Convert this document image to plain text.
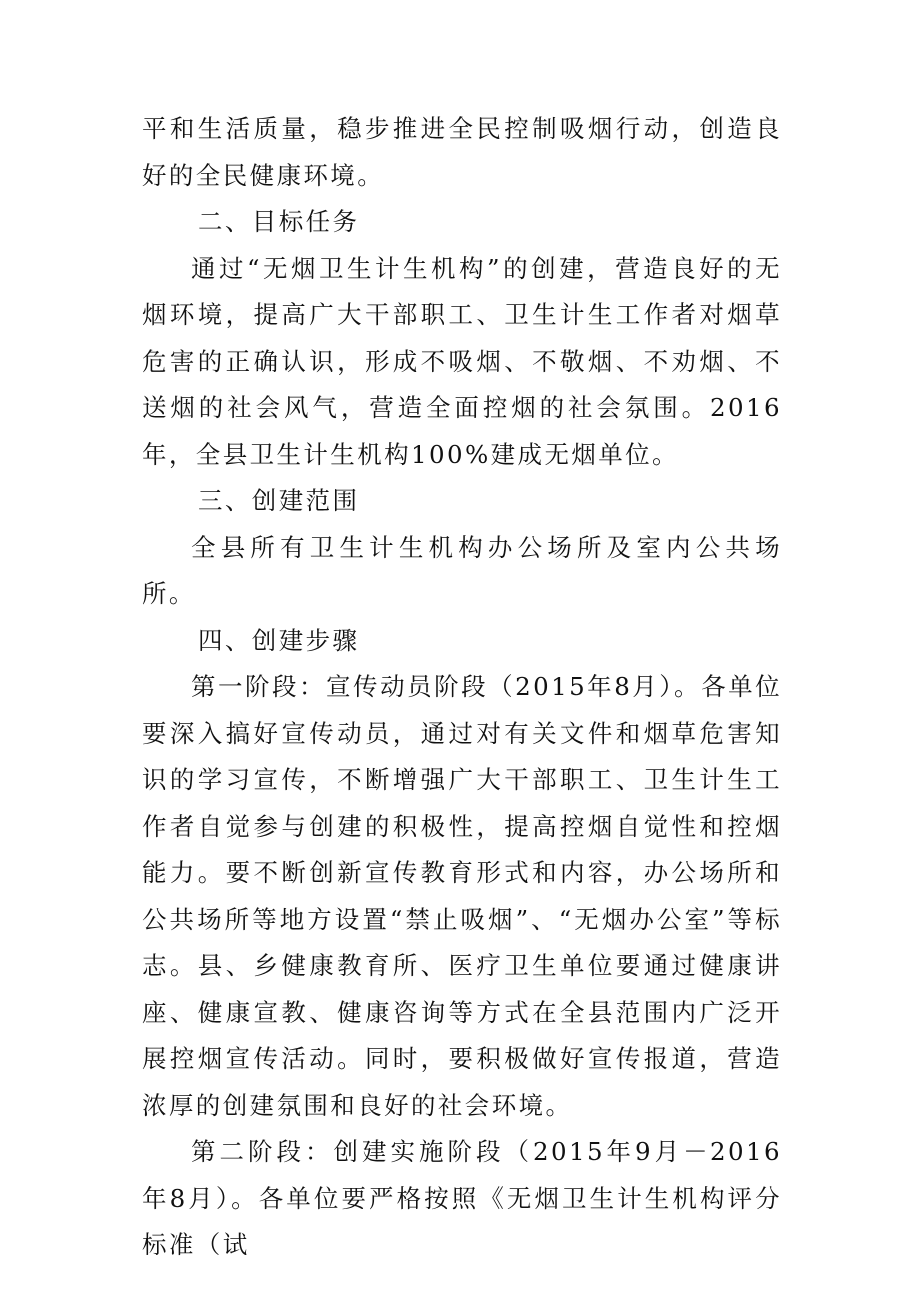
平和生活质量，稳步推进全民控制吸烟行动，创造良好的全民健康环境。

二、目标任务

通过“无烟卫生计生机构”的创建，营造良好的无烟环境，提高广大干部职工、卫生计生工作者对烟草危害的正确认识，形成不吸烟、不敬烟、不劝烟、不送烟的社会风气，营造全面控烟的社会氛围。2016年，全县卫生计生机构100%建成无烟单位。

三、创建范围

全县所有卫生计生机构办公场所及室内公共场所。

四、创建步骤

第一阶段：宣传动员阶段（2015年8月）。各单位要深入搞好宣传动员，通过对有关文件和烟草危害知识的学习宣传，不断增强广大干部职工、卫生计生工作者自觉参与创建的积极性，提高控烟自觉性和控烟能力。要不断创新宣传教育形式和内容，办公场所和公共场所等地方设置“禁止吸烟”、“无烟办公室”等标志。县、乡健康教育所、医疗卫生单位要通过健康讲座、健康宣教、健康咨询等方式在全县范围内广泛开展控烟宣传活动。同时，要积极做好宣传报道，营造浓厚的创建氛围和良好的社会环境。

第二阶段：创建实施阶段（2015年9月－2016年8月）。各单位要严格按照《无烟卫生计生机构评分标准（试
